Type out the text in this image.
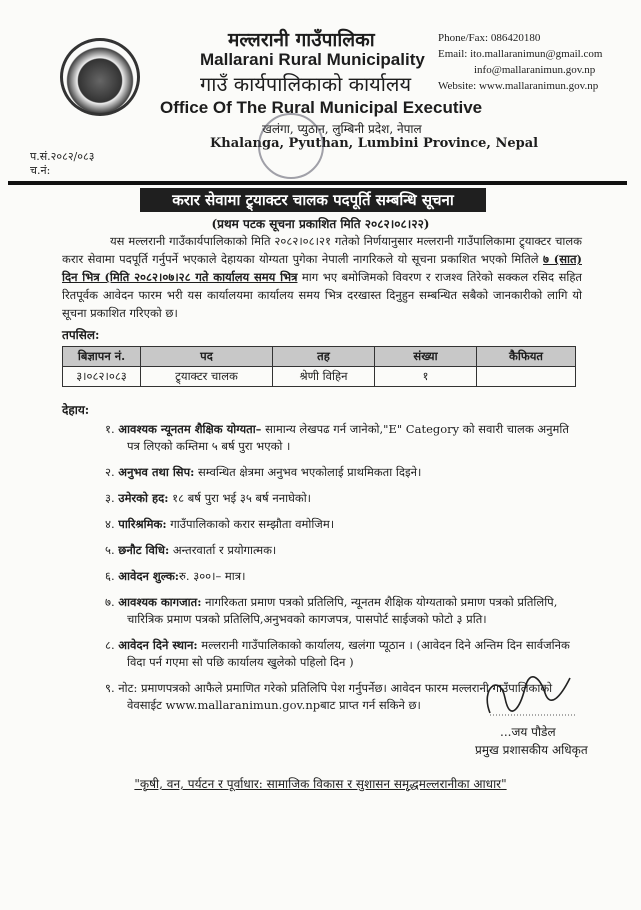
मल्लरानी गाउँपालिका
Mallarani Rural Municipality
गाउँ कार्यपालिकाको कार्यालय
Office Of The Rural Municipal Executive
खलंगा, प्युठान, लुम्बिनी प्रदेश, नेपाल
Khalanga, Pyuthan, Lumbini Province, Nepal
Phone/Fax: 086420180
Email: ito.mallaranimun@gmail.com
info@mallaranimun.gov.np
Website: www.mallaranimun.gov.np
प.सं.२०८२/०८३
च.नं:
करार सेवामा ट्र्याक्टर चालक पदपूर्ति सम्बन्धि सूचना
(प्रथम पटक सूचना प्रकाशित मिति २०८२।०८।२२)
यस मल्लरानी गाउँकार्यपालिकाको मिति २०८२।०८।२१ गतेको निर्णयानुसार मल्लरानी गाउँपालिकामा ट्र्याक्टर चालक करार सेवामा पदपूर्ति गर्नुपर्ने भएकाले देहायका योग्यता पुगेका नेपाली नागरिकले यो सूचना प्रकाशित भएको मितिले ७ (सात) दिन भित्र (मिति २०८२।०७।२८ गते कार्यालय समय भित्र माग भए बमोजिमको विवरण र राजश्व तिरेको सक्कल रसिद सहित रितपूर्वक आवेदन फारम भरी यस कार्यालयमा कार्यालय समय भित्र दरखास्त दिनुहुन सम्बन्धित सबैको जानकारीको लागि यो सूचना प्रकाशित गरिएको छ।
तपसिल:
बिज्ञापन नं.	पद	तह	संख्या	कैफियत
३।०८२।०८३	ट्र्याक्टर चालक	श्रेणी विहिन	१	
देहाय:
१. आवश्यक न्यूनतम शैक्षिक योग्यता– सामान्य लेखपढ गर्न जानेको,"E" Category को सवारी चालक अनुमति पत्र लिएको कम्तिमा ५ बर्ष पुरा भएको ।
२. अनुभव तथा सिप: सम्वन्धित क्षेत्रमा अनुभव भएकोलाई प्राथमिकता दिइने।
३. उमेरको हद: १८ बर्ष पुरा भई ३५ बर्ष ननाघेको।
४. पारिश्रमिक: गाउँपालिकाको करार सम्झौता वमोजिम।
५. छनौट विधि: अन्तरवार्ता र प्रयोगात्मक।
६. आवेदन शुल्क:रु. ३००।– मात्र।
७. आवश्यक कागजात: नागरिकता प्रमाण पत्रको प्रतिलिपि, न्यूनतम शैक्षिक योग्यताको प्रमाण पत्रको प्रतिलिपि, चारित्रिक प्रमाण पत्रको प्रतिलिपि,अनुभवको कागजपत्र, पासपोर्ट साईजको फोटो ३ प्रति।
८. आवेदन दिने स्थान: मल्लरानी गाउँपालिकाको कार्यालय, खलंगा प्यूठान । (आवेदन दिने अन्तिम दिन सार्वजनिक विदा पर्न गएमा सो पछि कार्यालय खुलेको पहिलो दिन )
९. नोट: प्रमाणपत्रको आफैले प्रमाणित गरेको प्रतिलिपि पेश गर्नुपर्नेछ। आवेदन फारम मल्लरानी गाउँपालिकाको वेवसाईट www.mallaranimun.gov.npबाट प्राप्त गर्न सकिने छ।
...जय पौडेल
प्रमुख प्रशासकीय अधिकृत
"कृषी, वन, पर्यटन र पूर्वाधार: सामाजिक विकास र सुशासन समृद्धमल्लरानीका आधार"
